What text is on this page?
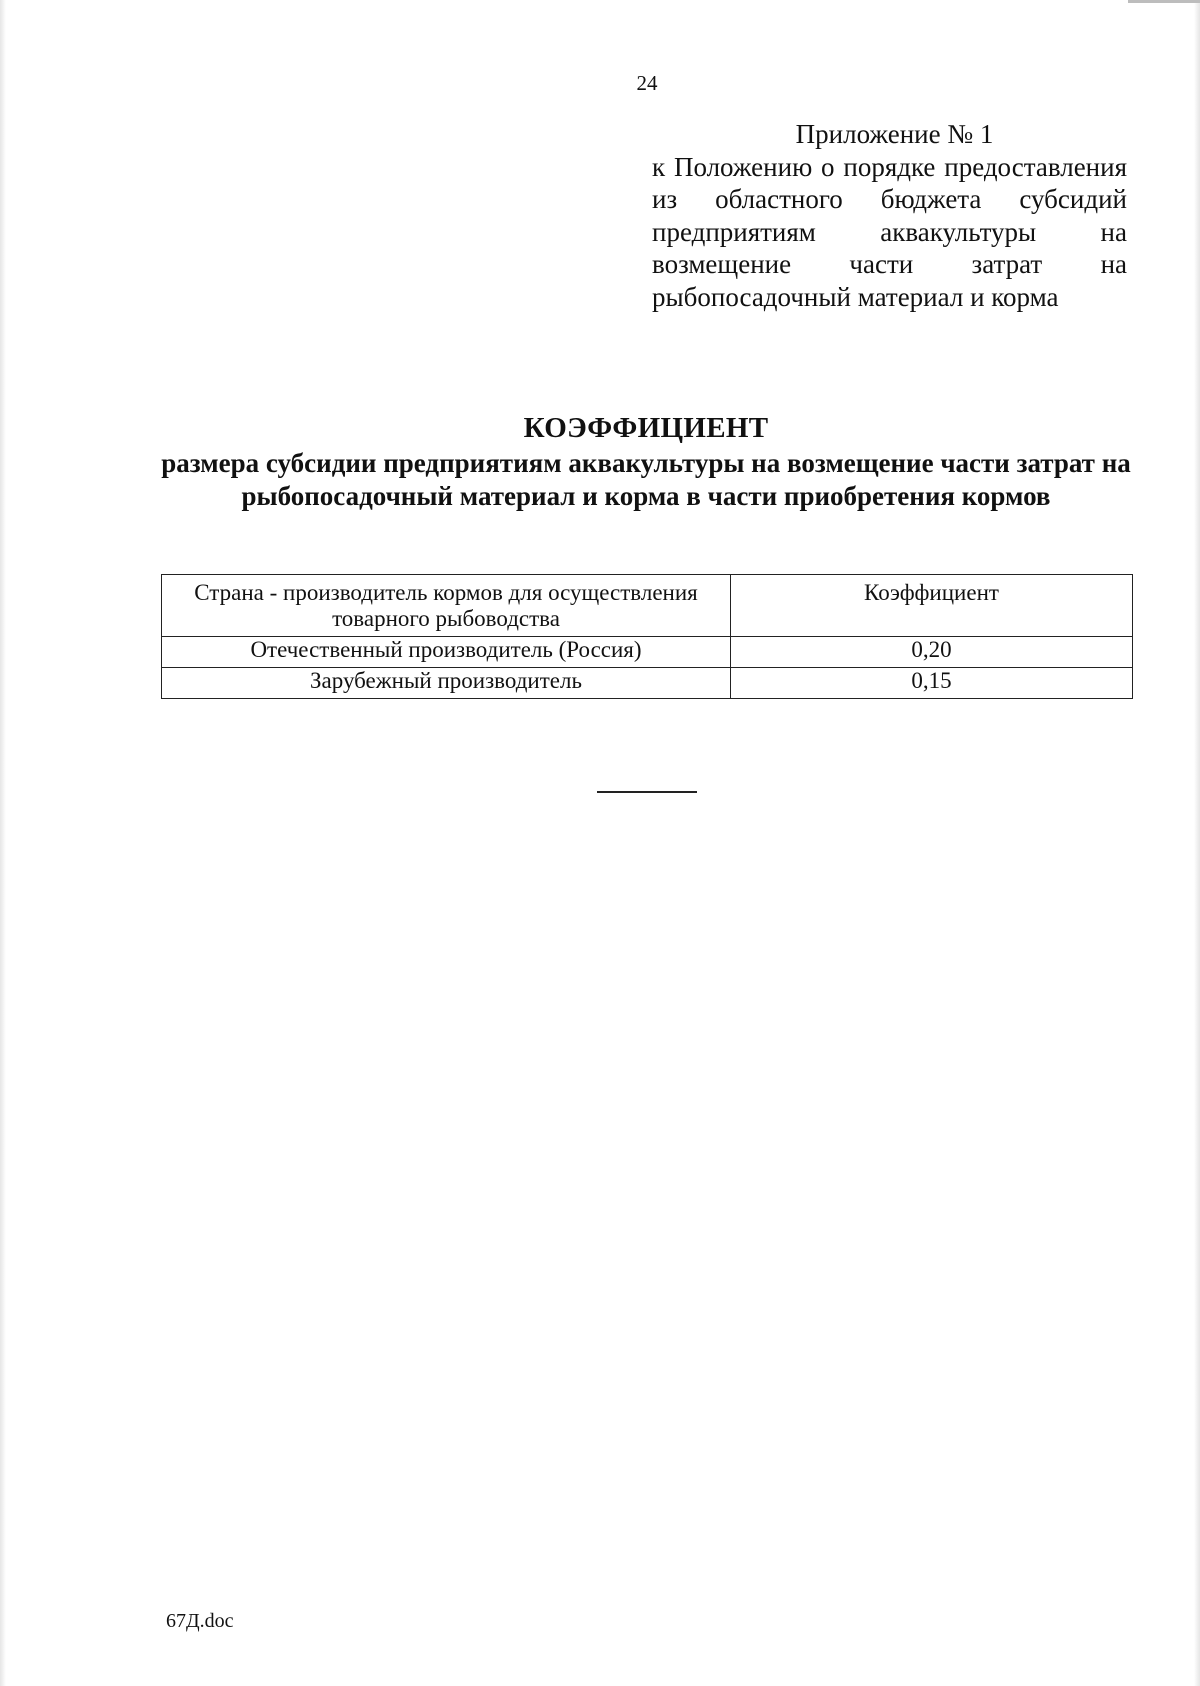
24
Приложение № 1
к Положению о порядке предоставления из областного бюджета субсидий предприятиям аквакультуры на возмещение части затрат на рыбопосадочный материал и корма
КОЭФФИЦИЕНТ
размера субсидии предприятиям аквакультуры на возмещение части затрат на рыбопосадочный материал и корма в части приобретения кормов
Страна - производитель кормов для осуществления товарного рыбоводства	Коэффициент
Отечественный производитель (Россия)	0,20
Зарубежный производитель	0,15
67Д.doc
